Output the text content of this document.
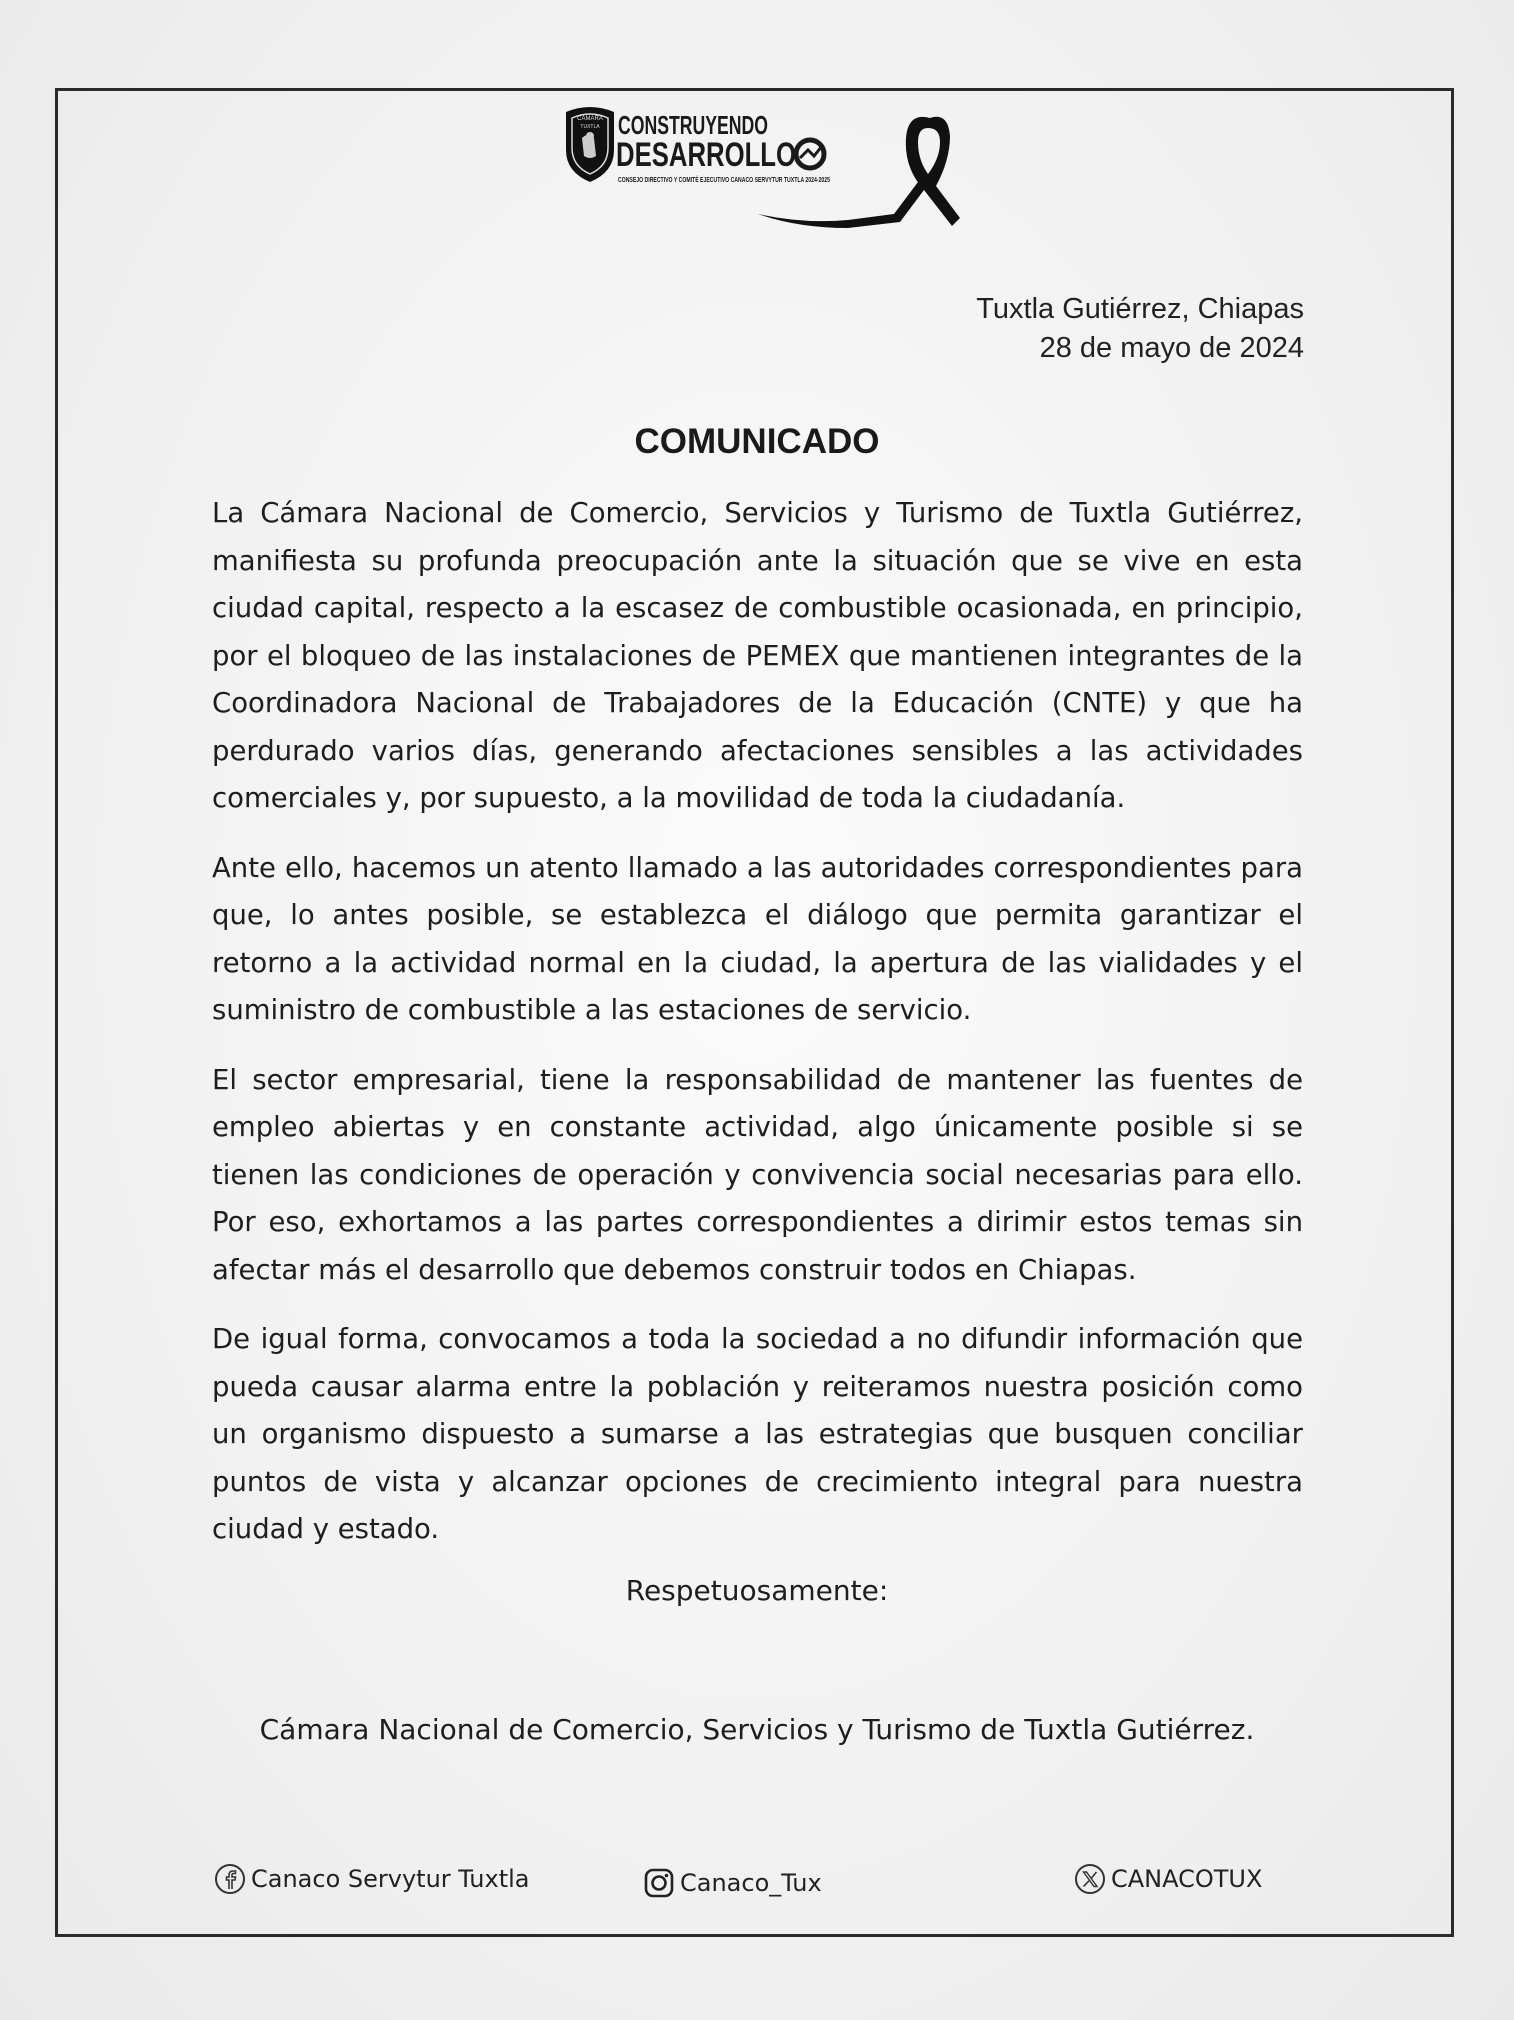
CÁMARA
TUXTLA CONSTRUYENDO
DESARROLLO
CONSEJO DIRECTIVO Y COMITÉ EJECUTIVO CANACO SERVYTUR TUXTLA 2024-2025
Tuxtla Gutiérrez, Chiapas
28 de mayo de 2024
COMUNICADO

La Cámara Nacional de Comercio, Servicios y Turismo de Tuxtla Gutiérrez, manifiesta su profunda preocupación ante la situación que se vive en esta ciudad capital, respecto a la escasez de combustible ocasionada, en principio, por el bloqueo de las instalaciones de PEMEX que mantienen integrantes de la Coordinadora Nacional de Trabajadores de la Educación (CNTE) y que ha perdurado varios días, generando afectaciones sensibles a las actividades comerciales y, por supuesto, a la movilidad de toda la ciudadanía.

Ante ello, hacemos un atento llamado a las autoridades correspondientes para que, lo antes posible, se establezca el diálogo que permita garantizar el retorno a la actividad normal en la ciudad, la apertura de las vialidades y el suministro de combustible a las estaciones de servicio.

El sector empresarial, tiene la responsabilidad de mantener las fuentes de empleo abiertas y en constante actividad, algo únicamente posible si se tienen las condiciones de operación y convivencia social necesarias para ello. Por eso, exhortamos a las partes correspondientes a dirimir estos temas sin afectar más el desarrollo que debemos construir todos en Chiapas.

De igual forma, convocamos a toda la sociedad a no difundir información que pueda causar alarma entre la población y reiteramos nuestra posición como un organismo dispuesto a sumarse a las estrategias que busquen conciliar puntos de vista y alcanzar opciones de crecimiento integral para nuestra ciudad y estado.

Respetuosamente:
Cámara Nacional de Comercio, Servicios y Turismo de Tuxtla Gutiérrez.
Canaco Servytur Tuxtla	Canaco_Tux	CANACOTUX
